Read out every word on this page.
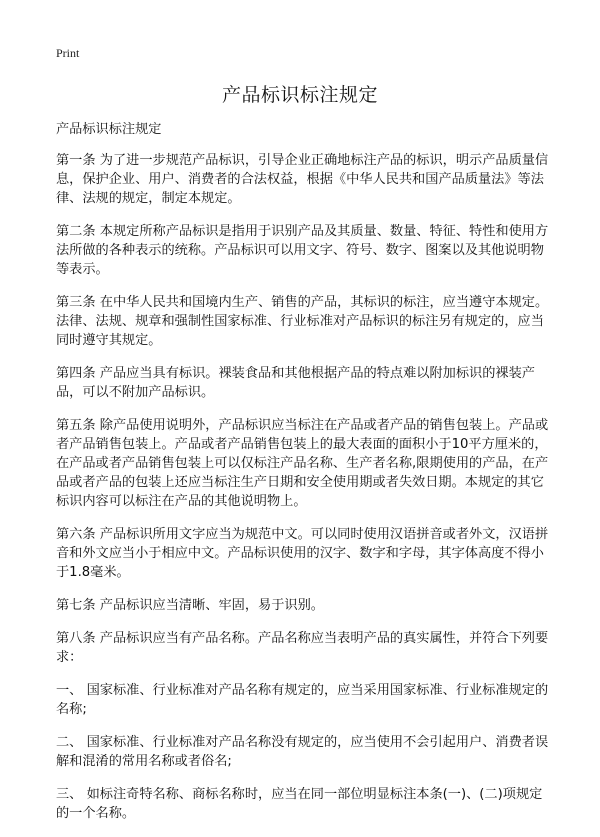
Print
产品标识标注规定

产品标识标注规定

第一条 为了进一步规范产品标识，引导企业正确地标注产品的标识，明示产品质量信息，保护企业、用户、消费者的合法权益，根据《中华人民共和国产品质量法》等法律、法规的规定，制定本规定。

第二条 本规定所称产品标识是指用于识别产品及其质量、数量、特征、特性和使用方法所做的各种表示的统称。产品标识可以用文字、符号、数字、图案以及其他说明物等表示。

第三条 在中华人民共和国境内生产、销售的产品，其标识的标注，应当遵守本规定。法律、法规、规章和强制性国家标准、行业标准对产品标识的标注另有规定的，应当同时遵守其规定。

第四条 产品应当具有标识。裸装食品和其他根据产品的特点难以附加标识的裸装产品，可以不附加产品标识。

第五条 除产品使用说明外，产品标识应当标注在产品或者产品的销售包装上。产品或者产品销售包装上。产品或者产品销售包装上的最大表面的面积小于10平方厘米的，在产品或者产品销售包装上可以仅标注产品名称、生产者名称,限期使用的产品，在产品或者产品的包装上还应当标注生产日期和安全使用期或者失效日期。本规定的其它标识内容可以标注在产品的其他说明物上。

第六条 产品标识所用文字应当为规范中文。可以同时使用汉语拼音或者外文，汉语拼音和外文应当小于相应中文。产品标识使用的汉字、数字和字母，其字体高度不得小于1.8毫米。

第七条 产品标识应当清晰、牢固，易于识别。

第八条 产品标识应当有产品名称。产品名称应当表明产品的真实属性，并符合下列要求：

一、 国家标准、行业标准对产品名称有规定的，应当采用国家标准、行业标准规定的名称;

二、 国家标准、行业标准对产品名称没有规定的，应当使用不会引起用户、消费者误解和混淆的常用名称或者俗名;

三、 如标注奇特名称、商标名称时，应当在同一部位明显标注本条(一)、(二)项规定的一个名称。
